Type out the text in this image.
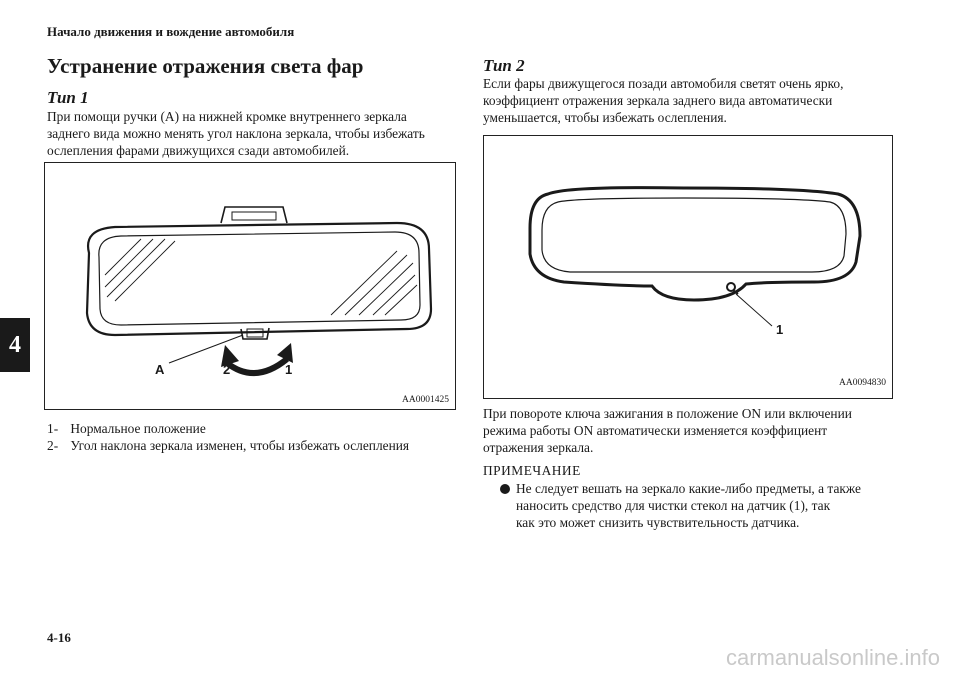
Начало движения и вождение автомобиля
Устранение отражения света фар
4
Тип 1
При помощи ручки (A) на нижней кромке внутреннего зеркала
заднего вида можно менять угол наклона зеркала, чтобы избежать
ослепления фарами движущихся сзади автомобилей.
A	2	1
AA0001425
1- Нормальное положение
2- Угол наклона зеркала изменен, чтобы избежать ослепления
Тип 2
Если фары движущегося позади автомобиля светят очень ярко,
коэффициент отражения зеркала заднего вида автоматически
уменьшается, чтобы избежать ослепления.
1
AA0094830
При повороте ключа зажигания в положение ON или включении
режима работы ON автоматически изменяется коэффициент
отражения зеркала.
ПРИМЕЧАНИЕ
Не следует вешать на зеркало какие-либо предметы, а также
наносить средство для чистки стекол на датчик (1), так
как это может снизить чувствительность датчика.
4-16
carmanualsonline.info
